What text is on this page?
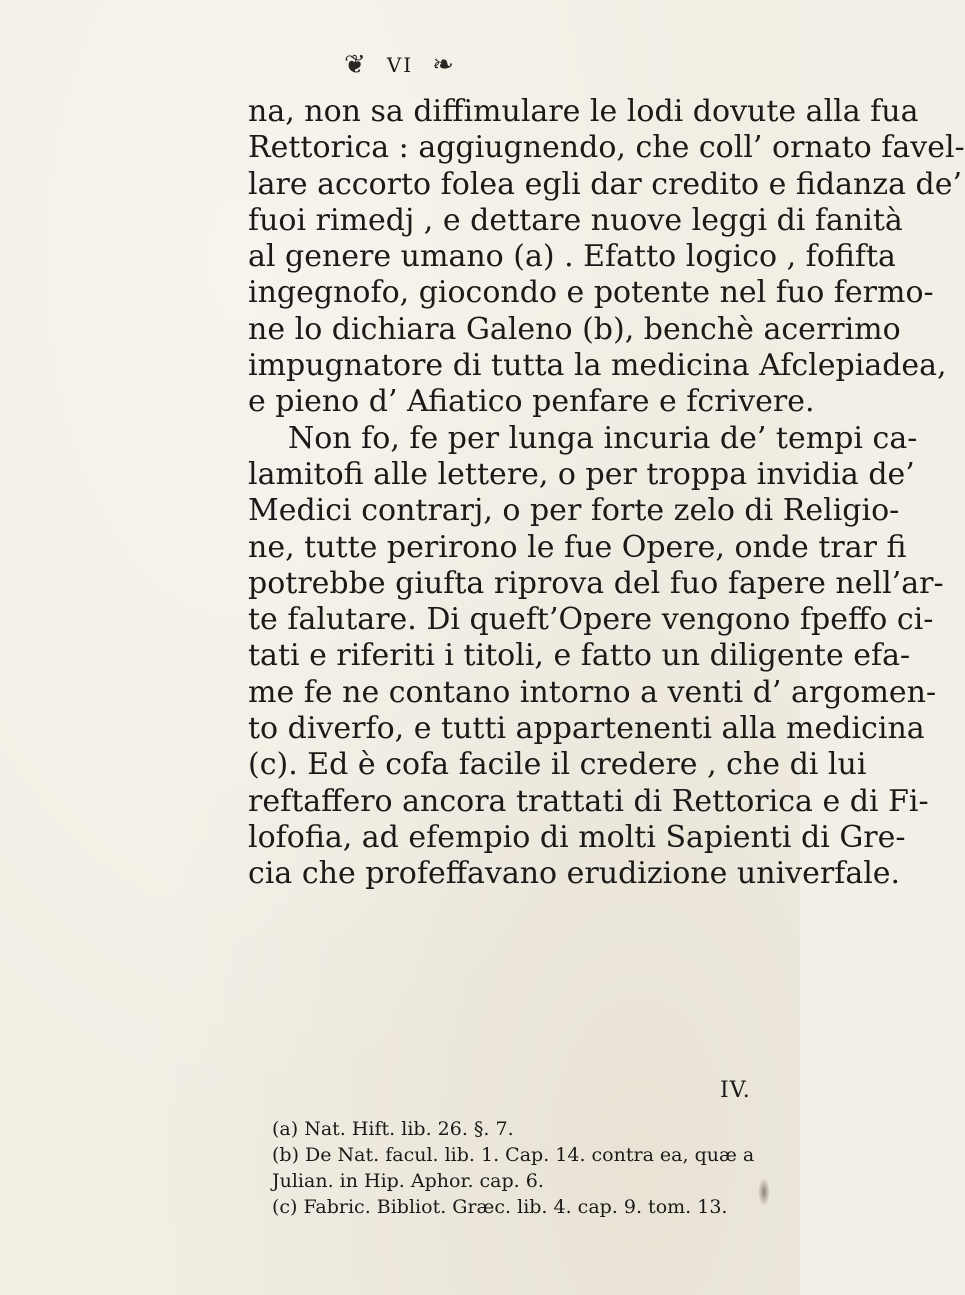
❦ VI ❧
na, non sa diffimulare le lodi dovute alla fua
Rettorica : aggiugnendo, che coll’ ornato favel-
lare accorto folea egli dar credito e fidanza de’
fuoi rimedj , e dettare nuove leggi di fanità
al genere umano (a) . Efatto logico , fofifta
ingegnofo, giocondo e potente nel fuo fermo-
ne lo dichiara Galeno (b), benchè acerrimo
impugnatore di tutta la medicina Afclepiadea,
e pieno d’ Afiatico penfare e fcrivere.
Non fo, fe per lunga incuria de’ tempi ca-
lamitofi alle lettere, o per troppa invidia de’
Medici contrarj, o per forte zelo di Religio-
ne, tutte perirono le fue Opere, onde trar fi
potrebbe giufta riprova del fuo fapere nell’ar-
te falutare. Di queft’Opere vengono fpeffo ci-
tati e riferiti i titoli, e fatto un diligente efa-
me fe ne contano intorno a venti d’ argomen-
to diverfo, e tutti appartenenti alla medicina
(c). Ed è cofa facile il credere , che di lui
reftaffero ancora trattati di Rettorica e di Fi-
lofofia, ad efempio di molti Sapienti di Gre-
cia che profeffavano erudizione univerfale.
IV.
(a) Nat. Hift. lib. 26. §. 7.
(b) De Nat. facul. lib. 1. Cap. 14. contra ea, quæ a
Julian. in Hip. Aphor. cap. 6.
(c) Fabric. Bibliot. Græc. lib. 4. cap. 9. tom. 13.
